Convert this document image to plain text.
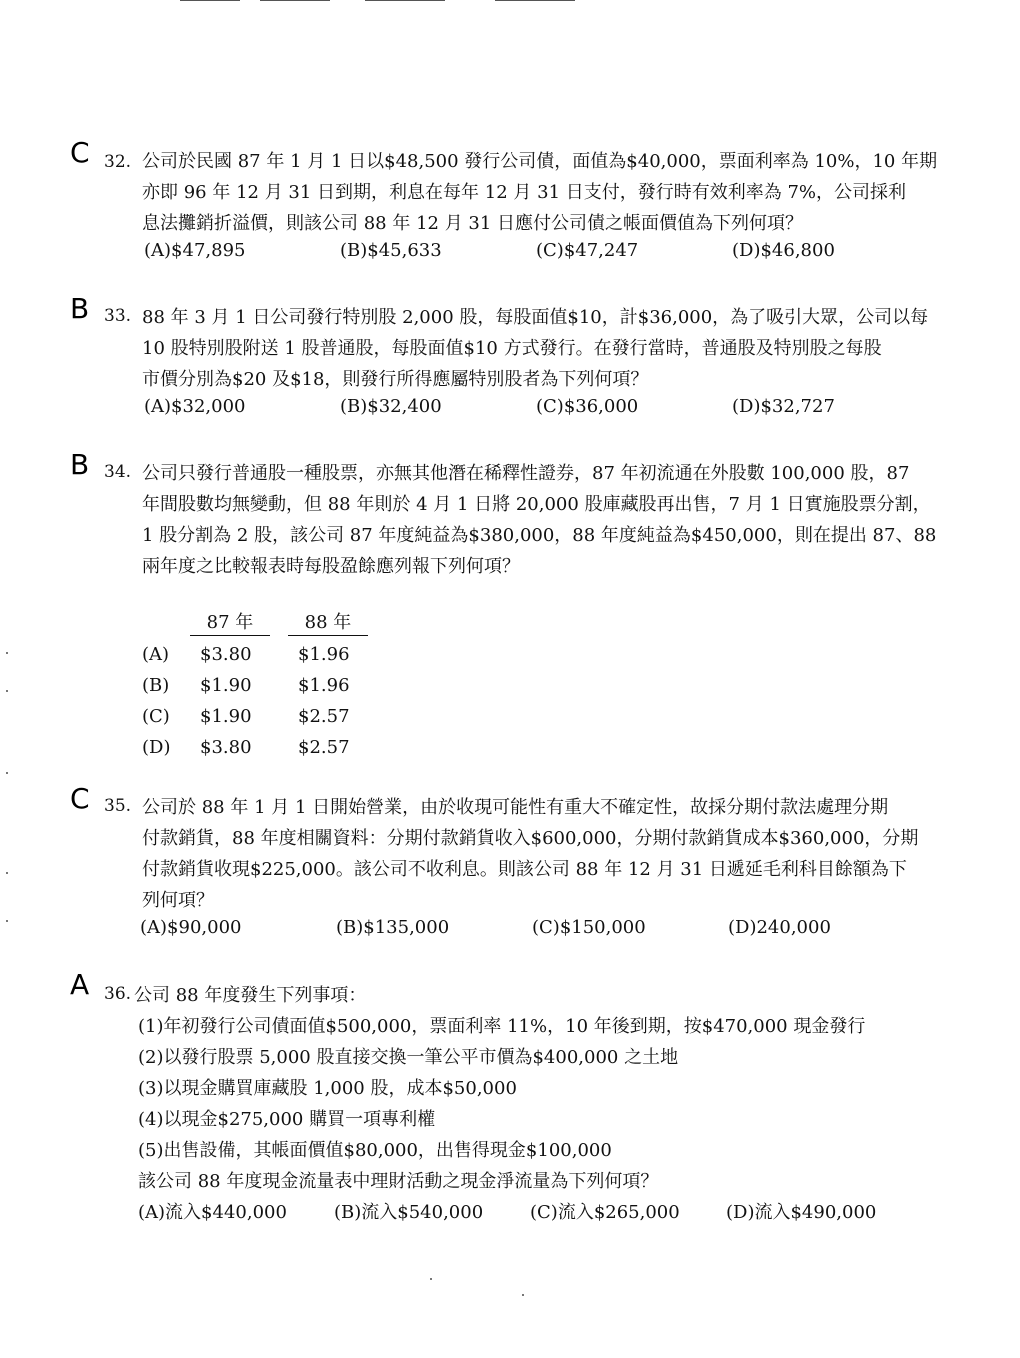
C 32. 公司於民國 87 年 1 月 1 日以$48,500 發行公司債，面值為$40,000，票面利率為 10%，10 年期
亦即 96 年 12 月 31 日到期，利息在每年 12 月 31 日支付，發行時有效利率為 7%，公司採利
息法攤銷折溢價，則該公司 88 年 12 月 31 日應付公司債之帳面價值為下列何項？
(A)$47,895	(B)$45,633	(C)$47,247	(D)$46,800
B 33. 88 年 3 月 1 日公司發行特別股 2,000 股，每股面值$10，計$36,000，為了吸引大眾，公司以每
10 股特別股附送 1 股普通股，每股面值$10 方式發行。在發行當時，普通股及特別股之每股
市價分別為$20 及$18，則發行所得應屬特別股者為下列何項？
(A)$32,000	(B)$32,400	(C)$36,000	(D)$32,727
B 34. 公司只發行普通股一種股票，亦無其他潛在稀釋性證券，87 年初流通在外股數 100,000 股，87
年間股數均無變動，但 88 年則於 4 月 1 日將 20,000 股庫藏股再出售，7 月 1 日實施股票分割，
1 股分割為 2 股，該公司 87 年度純益為$380,000，88 年度純益為$450,000，則在提出 87、88
兩年度之比較報表時每股盈餘應列報下列何項？
87 年	88 年
(A) $3.80	$1.96
(B) $1.90	$1.96
(C) $1.90	$2.57
(D) $3.80	$2.57
C 35. 公司於 88 年 1 月 1 日開始營業，由於收現可能性有重大不確定性，故採分期付款法處理分期
付款銷貨，88 年度相關資料：分期付款銷貨收入$600,000，分期付款銷貨成本$360,000，分期
付款銷貨收現$225,000。該公司不收利息。則該公司 88 年 12 月 31 日遞延毛利科目餘額為下
列何項？
(A)$90,000	(B)$135,000	(C)$150,000	(D)240,000
A 36. 公司 88 年度發生下列事項：
(1)年初發行公司債面值$500,000，票面利率 11%，10 年後到期，按$470,000 現金發行
(2)以發行股票 5,000 股直接交換一筆公平市價為$400,000 之土地
(3)以現金購買庫藏股 1,000 股，成本$50,000
(4)以現金$275,000 購買一項專利權
(5)出售設備，其帳面價值$80,000，出售得現金$100,000
該公司 88 年度現金流量表中理財活動之現金淨流量為下列何項？
(A)流入$440,000	(B)流入$540,000	(C)流入$265,000	(D)流入$490,000
